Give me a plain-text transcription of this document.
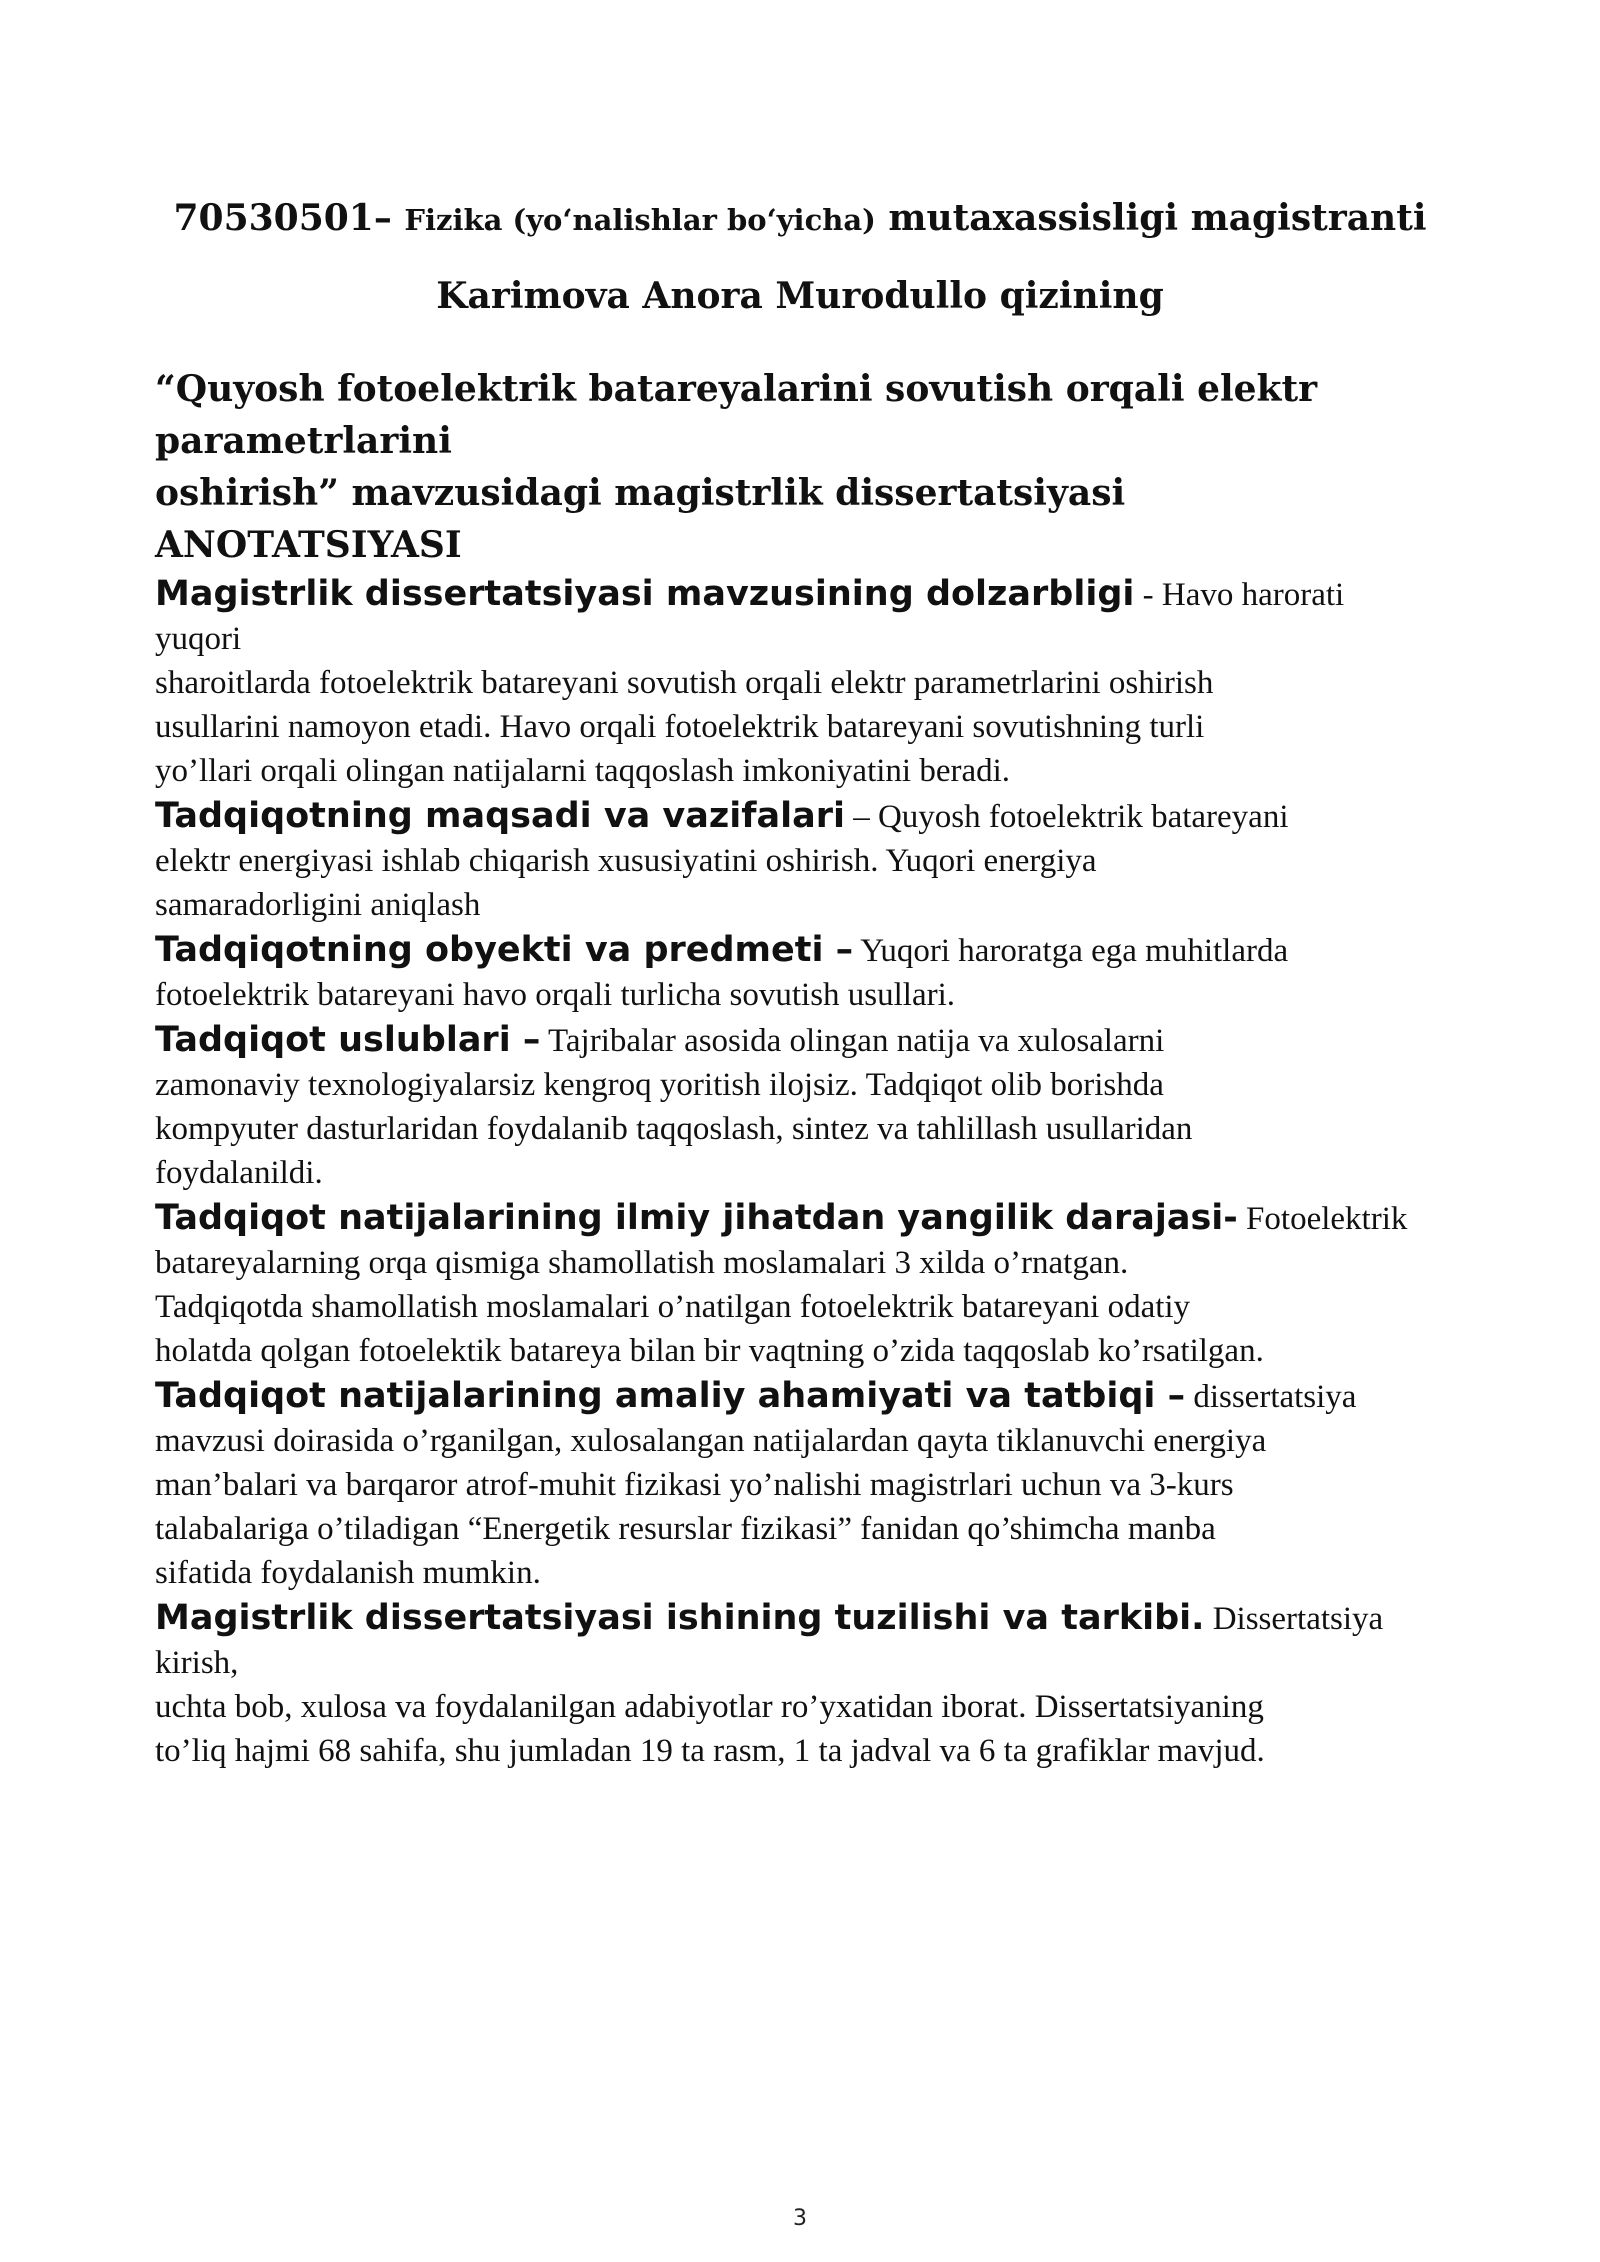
70530501– Fizika (yo‘nalishlar bo‘yicha) mutaxassisligi magistranti
Karimova Anora Murodullo qizining
“Quyosh fotoelektrik batareyalarini sovutish orqali elektr
parametrlarini
oshirish” mavzusidagi magistrlik dissertatsiyasi
ANOTATSIYASI

Magistrlik dissertatsiyasi mavzusining dolzarbligi - Havo harorati
yuqori
sharoitlarda fotoelektrik batareyani sovutish orqali elektr parametrlarini oshirish
usullarini namoyon etadi. Havo orqali fotoelektrik batareyani sovutishning turli
yo’llari orqali olingan natijalarni taqqoslash imkoniyatini beradi.

Tadqiqotning maqsadi va vazifalari – Quyosh fotoelektrik batareyani
elektr energiyasi ishlab chiqarish xususiyatini oshirish. Yuqori energiya
samaradorligini aniqlash

Tadqiqotning obyekti va predmeti – Yuqori haroratga ega muhitlarda
fotoelektrik batareyani havo orqali turlicha sovutish usullari.

Tadqiqot uslublari – Tajribalar asosida olingan natija va xulosalarni
zamonaviy texnologiyalarsiz kengroq yoritish ilojsiz. Tadqiqot olib borishda
kompyuter dasturlaridan foydalanib taqqoslash, sintez va tahlillash usullaridan
foydalanildi.

Tadqiqot natijalarining ilmiy jihatdan yangilik darajasi- Fotoelektrik
batareyalarning orqa qismiga shamollatish moslamalari 3 xilda o’rnatgan.
Tadqiqotda shamollatish moslamalari o’natilgan fotoelektrik batareyani odatiy
holatda qolgan fotoelektik batareya bilan bir vaqtning o’zida taqqoslab ko’rsatilgan.

Tadqiqot natijalarining amaliy ahamiyati va tatbiqi – dissertatsiya
mavzusi doirasida o’rganilgan, xulosalangan natijalardan qayta tiklanuvchi energiya
man’balari va barqaror atrof-muhit fizikasi yo’nalishi magistrlari uchun va 3-kurs
talabalariga o’tiladigan “Energetik resurslar fizikasi” fanidan qo’shimcha manba
sifatida foydalanish mumkin.

Magistrlik dissertatsiyasi ishining tuzilishi va tarkibi. Dissertatsiya
kirish,
uchta bob, xulosa va foydalanilgan adabiyotlar ro’yxatidan iborat. Dissertatsiyaning
to’liq hajmi 68 sahifa, shu jumladan 19 ta rasm, 1 ta jadval va 6 ta grafiklar mavjud.

3
